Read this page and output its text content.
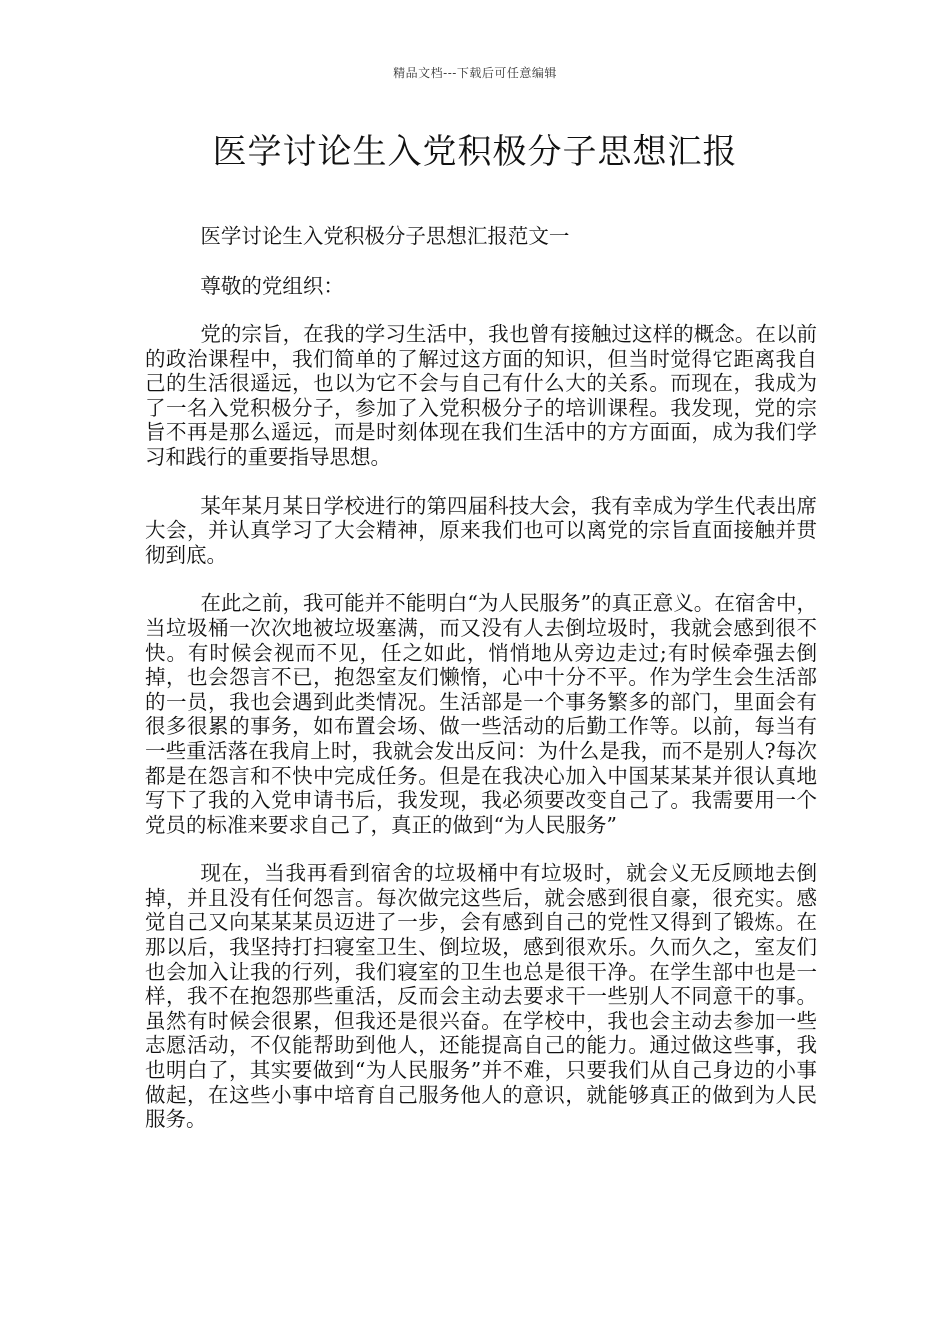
精品文档---下载后可任意编辑
医学讨论生入党积极分子思想汇报

医学讨论生入党积极分子思想汇报范文一

尊敬的党组织：

党的宗旨，在我的学习生活中，我也曾有接触过这样的概念。在以前的政治课程中，我们简单的了解过这方面的知识，但当时觉得它距离我自己的生活很遥远，也以为它不会与自己有什么大的关系。而现在，我成为了一名入党积极分子，参加了入党积极分子的培训课程。我发现，党的宗旨不再是那么遥远，而是时刻体现在我们生活中的方方面面，成为我们学习和践行的重要指导思想。

某年某月某日学校进行的第四届科技大会，我有幸成为学生代表出席大会，并认真学习了大会精神，原来我们也可以离党的宗旨直面接触并贯彻到底。

在此之前，我可能并不能明白“为人民服务”的真正意义。在宿舍中，当垃圾桶一次次地被垃圾塞满，而又没有人去倒垃圾时，我就会感到很不快。有时候会视而不见，任之如此，悄悄地从旁边走过;有时候牵强去倒掉，也会怨言不已，抱怨室友们懒惰，心中十分不平。作为学生会生活部的一员，我也会遇到此类情况。生活部是一个事务繁多的部门，里面会有很多很累的事务，如布置会场、做一些活动的后勤工作等。以前，每当有一些重活落在我肩上时，我就会发出反问：为什么是我，而不是别人?每次都是在怨言和不快中完成任务。但是在我决心加入中国某某某并很认真地写下了我的入党申请书后，我发现，我必须要改变自己了。我需要用一个党员的标准来要求自己了，真正的做到“为人民服务”

现在，当我再看到宿舍的垃圾桶中有垃圾时，就会义无反顾地去倒掉，并且没有任何怨言。每次做完这些后，就会感到很自豪，很充实。感觉自己又向某某某员迈进了一步，会有感到自己的党性又得到了锻炼。在那以后，我坚持打扫寝室卫生、倒垃圾，感到很欢乐。久而久之，室友们也会加入让我的行列，我们寝室的卫生也总是很干净。在学生部中也是一样，我不在抱怨那些重活，反而会主动去要求干一些别人不同意干的事。虽然有时候会很累，但我还是很兴奋。在学校中，我也会主动去参加一些志愿活动，不仅能帮助到他人，还能提高自己的能力。通过做这些事，我也明白了，其实要做到“为人民服务”并不难，只要我们从自己身边的小事做起，在这些小事中培育自己服务他人的意识，就能够真正的做到为人民服务。
